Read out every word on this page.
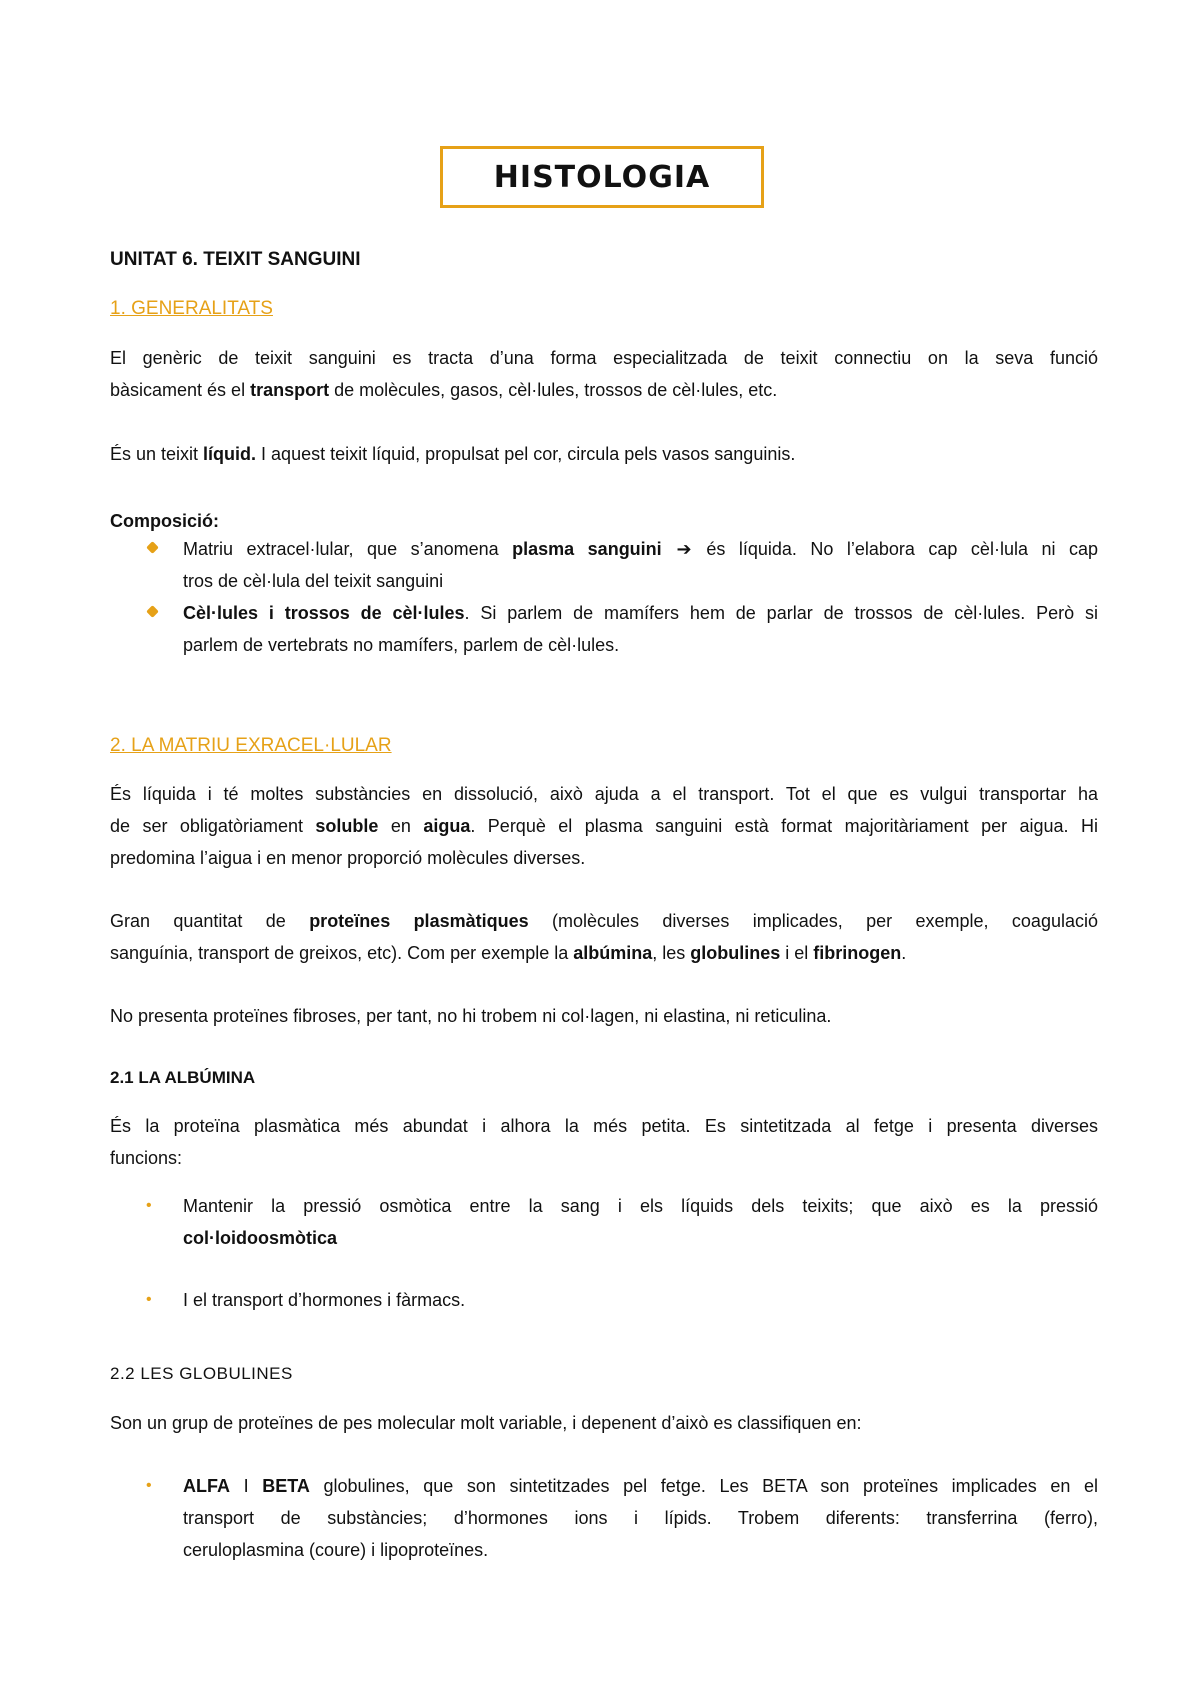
HISTOLOGIA
UNITAT 6. TEIXIT SANGUINI
1. GENERALITATS
El genèric de teixit sanguini es tracta d’una forma especialitzada de teixit connectiu on la seva funció
bàsicament és el transport de molècules, gasos, cèl·lules, trossos de cèl·lules, etc.
És un teixit líquid. I aquest teixit líquid, propulsat pel cor, circula pels vasos sanguinis.
Composició:
Matriu extracel·lular, que s’anomena plasma sanguini ➔ és líquida. No l’elabora cap cèl·lula ni cap
tros de cèl·lula del teixit sanguini
Cèl·lules i trossos de cèl·lules. Si parlem de mamífers hem de parlar de trossos de cèl·lules. Però si
parlem de vertebrats no mamífers, parlem de cèl·lules.
2. LA MATRIU EXRACEL·LULAR
És líquida i té moltes substàncies en dissolució, això ajuda a el transport. Tot el que es vulgui transportar ha
de ser obligatòriament soluble en aigua. Perquè el plasma sanguini està format majoritàriament per aigua. Hi
predomina l’aigua i en menor proporció molècules diverses.
Gran quantitat de proteïnes plasmàtiques (molècules diverses implicades, per exemple, coagulació
sanguínia, transport de greixos, etc). Com per exemple la albúmina, les globulines i el fibrinogen.
No presenta proteïnes fibroses, per tant, no hi trobem ni col·lagen, ni elastina, ni reticulina.
2.1 LA ALBÚMINA
És la proteïna plasmàtica més abundat i alhora la més petita. Es sintetitzada al fetge i presenta diverses
funcions:
• Mantenir la pressió osmòtica entre la sang i els líquids dels teixits; que això es la pressió
col·loidoosmòtica
• I el transport d’hormones i fàrmacs.
2.2 LES GLOBULINES
Son un grup de proteïnes de pes molecular molt variable, i depenent d’això es classifiquen en:
• ALFA I BETA globulines, que son sintetitzades pel fetge. Les BETA son proteïnes implicades en el
transport de substàncies; d’hormones ions i lípids. Trobem diferents: transferrina (ferro),
ceruloplasmina (coure) i lipoproteïnes.
